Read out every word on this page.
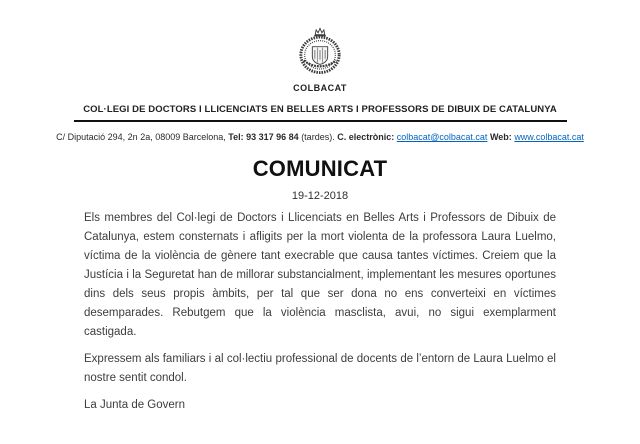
COLBACAT
COL·LEGI DE DOCTORS I LLICENCIATS EN BELLES ARTS I PROFESSORS DE DIBUIX DE CATALUNYA
C/ Diputació 294, 2n 2a, 08009 Barcelona, Tel: 93 317 96 84 (tardes). C. electrònic: colbacat@colbacat.cat Web: www.colbacat.cat
COMUNICAT
19-12-2018

Els membres del Col·legi de Doctors i Llicenciats en Belles Arts i Professors de Dibuix de Catalunya, estem consternats i afligits per la mort violenta de la professora Laura Luelmo, víctima de la violència de gènere tant execrable que causa tantes víctimes. Creiem que la Justícia i la Seguretat han de millorar substancialment, implementant les mesures oportunes dins dels seus propis àmbits, per tal que ser dona no ens converteixi en víctimes desemparades. Rebutgem que la violència masclista, avui, no sigui exemplarment castigada.

Expressem als familiars i al col·lectiu professional de docents de l’entorn de Laura Luelmo el nostre sentit condol.

La Junta de Govern
